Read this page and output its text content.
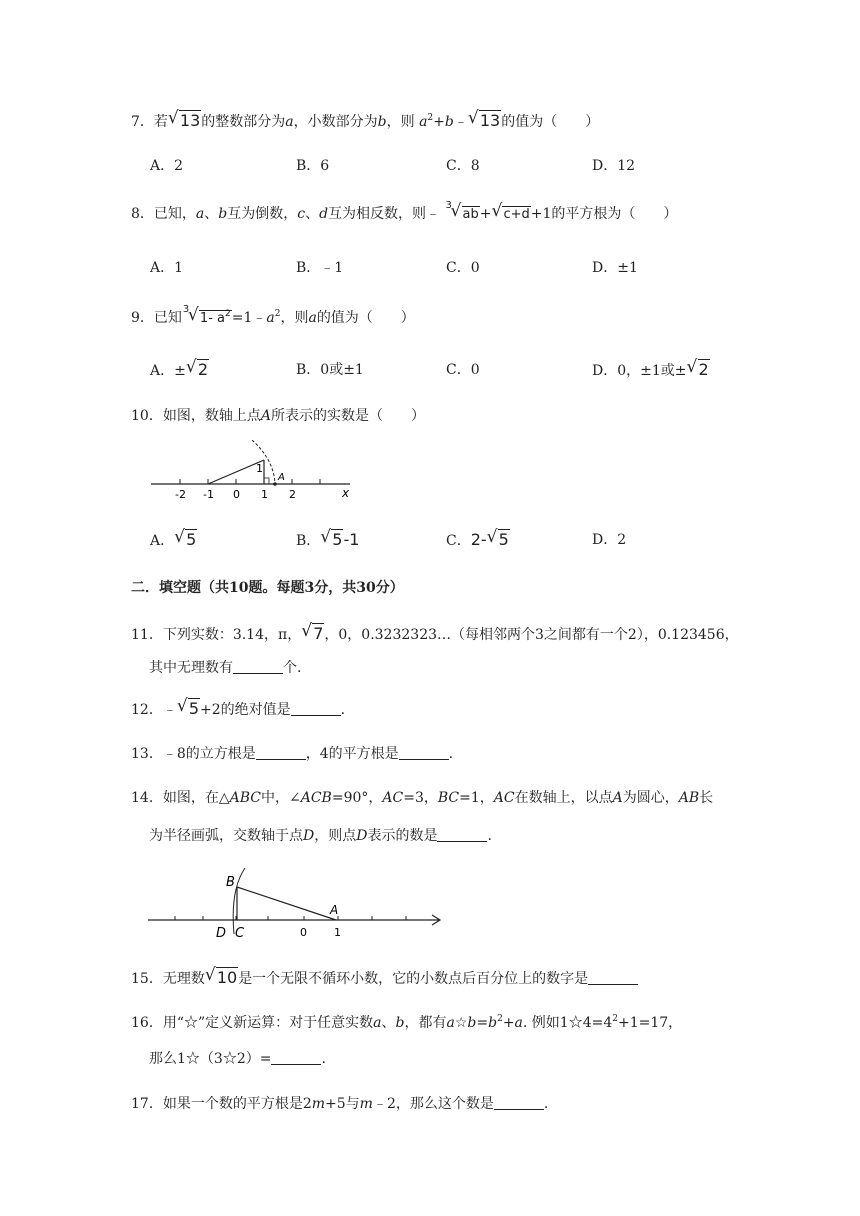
7．若 √ 13的整数部分为a，小数部分为b，则 $a^2+b﹣$ √ 13的值为（　　）
A．2	B．6	C．8	D．12
8．已知，a、b互为倒数，c、d互为相反数，则﹣
3
√ ab+ √ c+d+1的平方根为（　　）
A．1	B．﹣1	C．0	D．±1
9．已知
3
√ 1- $a^2=1﹣a^2$，则a的值为（　　）
A．± √ 2	B．0或±1	C．0	D．0，±1或± √ 2
10．如图，数轴上点A所表示的实数是（　　）
-2 -1 0 1 2
1
A
x
A． √ 5	B． √ 5-1	C．2- √ 5	D．2
二．填空题（共10题。每题3分，共30分）
11．下列实数：3.14，π， √ 7，0，0.3232323…（每相邻两个3之间都有一个2），0.123456，
其中无理数有	个.
12．﹣ √ 5+2的绝对值是	.
13．﹣8的立方根是	，4的平方根是	.
14．如图，在△ABC中，∠ACB=90°，AC=3，BC=1，AC在数轴上，以点A为圆心，AB长
为半径画弧，交数轴于点D，则点D表示的数是	.
B
A
D C	0 1
15．无理数 √ 10是一个无限不循环小数，它的小数点后百分位上的数字是
16．用“☆”定义新运算：对于任意实数a、b，都有$a☆b=b^2+a$. 例如$1☆4=4^2+1=17$，
那么1☆（3☆2）=	.
17．如果一个数的平方根是2m+5与m﹣2，那么这个数是	.
